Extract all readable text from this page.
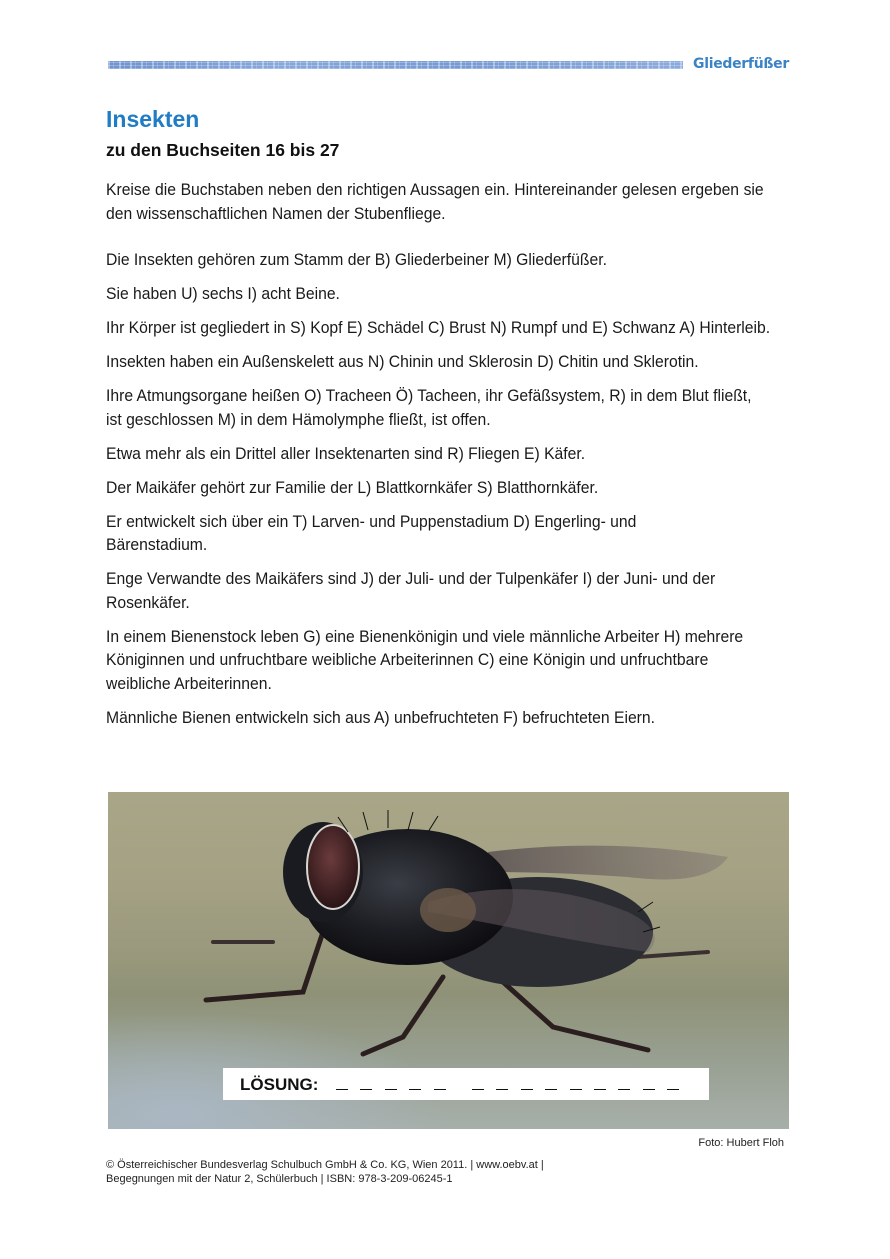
Gliederfüßer
Insekten
zu den Buchseiten 16 bis 27
Kreise die Buchstaben neben den richtigen Aussagen ein. Hintereinander gelesen ergeben sie den wissenschaftlichen Namen der Stubenfliege.
Die Insekten gehören zum Stamm der B) Gliederbeiner M) Gliederfüßer.
Sie haben U) sechs I) acht Beine.
Ihr Körper ist gegliedert in S) Kopf E) Schädel C) Brust N) Rumpf und E) Schwanz A) Hinterleib.
Insekten haben ein Außenskelett aus N) Chinin und Sklerosin D) Chitin und Sklerotin.
Ihre Atmungsorgane heißen O) Tracheen Ö) Tacheen, ihr Gefäßsystem, R) in dem Blut fließt, ist geschlossen M) in dem Hämolymphe fließt, ist offen.
Etwa mehr als ein Drittel aller Insektenarten sind R) Fliegen E) Käfer.
Der Maikäfer gehört zur Familie der L) Blattkornkäfer S) Blatthornkäfer.
Er entwickelt sich über ein T) Larven- und Puppenstadium D) Engerling- und Bärenstadium.
Enge Verwandte des Maikäfers sind J) der Juli- und der Tulpenkäfer I) der Juni- und der Rosenkäfer.
In einem Bienenstock leben G) eine Bienenkönigin und viele männliche Arbeiter H) mehrere Königinnen und unfruchtbare weibliche Arbeiterinnen C) eine Königin und unfruchtbare weibliche Arbeiterinnen.
Männliche Bienen entwickeln sich aus A) unbefruchteten F) befruchteten Eiern.
LÖSUNG:
Foto: Hubert Floh
© Österreichischer Bundesverlag Schulbuch GmbH & Co. KG, Wien 2011. | www.oebv.at |
Begegnungen mit der Natur 2, Schülerbuch | ISBN: 978-3-209-06245-1
